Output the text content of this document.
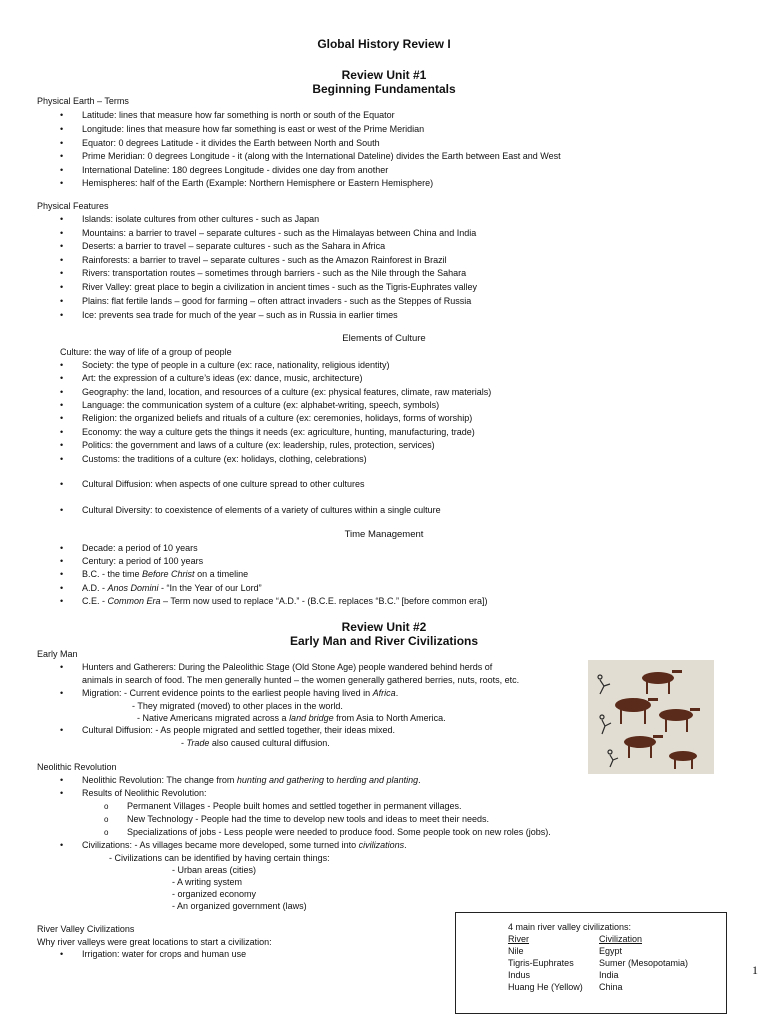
Global History Review I
Review Unit #1
Beginning Fundamentals
Physical Earth – Terms
• Latitude: lines that measure how far something is north or south of the Equator
• Longitude: lines that measure how far something is east or west of the Prime Meridian
• Equator: 0 degrees Latitude - it divides the Earth between North and South
• Prime Meridian: 0 degrees Longitude - it (along with the International Dateline) divides the Earth between East and West
• International Dateline: 180 degrees Longitude - divides one day from another
• Hemispheres: half of the Earth (Example: Northern Hemisphere or Eastern Hemisphere)
Physical Features
• Islands: isolate cultures from other cultures - such as Japan
• Mountains: a barrier to travel – separate cultures - such as the Himalayas between China and India
• Deserts: a barrier to travel – separate cultures - such as the Sahara in Africa
• Rainforests: a barrier to travel – separate cultures - such as the Amazon Rainforest in Brazil
• Rivers: transportation routes – sometimes through barriers - such as the Nile through the Sahara
• River Valley: great place to begin a civilization in ancient times - such as the Tigris-Euphrates valley
• Plains: flat fertile lands – good for farming – often attract invaders - such as the Steppes of Russia
• Ice: prevents sea trade for much of the year – such as in Russia in earlier times
Elements of Culture
Culture: the way of life of a group of people
• Society: the type of people in a culture (ex: race, nationality, religious identity)
• Art: the expression of a culture’s ideas (ex: dance, music, architecture)
• Geography: the land, location, and resources of a culture (ex: physical features, climate, raw materials)
• Language: the communication system of a culture (ex: alphabet-writing, speech, symbols)
• Religion: the organized beliefs and rituals of a culture (ex: ceremonies, holidays, forms of worship)
• Economy: the way a culture gets the things it needs (ex: agriculture, hunting, manufacturing, trade)
• Politics: the government and laws of a culture (ex: leadership, rules, protection, services)
• Customs: the traditions of a culture (ex: holidays, clothing, celebrations)
• Cultural Diffusion: when aspects of one culture spread to other cultures
• Cultural Diversity: to coexistence of elements of a variety of cultures within a single culture
Time Management
• Decade: a period of 10 years
• Century: a period of 100 years
• B.C. - the time Before Christ on a timeline
• A.D. - Anos Domini - “In the Year of our Lord”
• C.E. - Common Era – Term now used to replace “A.D.” - (B.C.E. replaces “B.C.” [before common era])
Review Unit #2
Early Man and River Civilizations
Early Man
• Hunters and Gatherers: During the Paleolithic Stage (Old Stone Age) people wandered behind herds of
animals in search of food. The men generally hunted – the women generally gathered berries, nuts, roots, etc.
• Migration: - Current evidence points to the earliest people having lived in Africa.
- They migrated (moved) to other places in the world.
- Native Americans migrated across a land bridge from Asia to North America.
• Cultural Diffusion: - As people migrated and settled together, their ideas mixed.
- Trade also caused cultural diffusion.
Neolithic Revolution
• Neolithic Revolution: The change from hunting and gathering to herding and planting.
• Results of Neolithic Revolution:
o Permanent Villages - People built homes and settled together in permanent villages.
o New Technology - People had the time to develop new tools and ideas to meet their needs.
o Specializations of jobs - Less people were needed to produce food. Some people took on new roles (jobs).
• Civilizations: - As villages became more developed, some turned into civilizations.
- Civilizations can be identified by having certain things:
- Urban areas (cities)
- A writing system
- organized economy
- An organized government (laws)
River Valley Civilizations
Why river valleys were great locations to start a civilization:
• Irrigation: water for crops and human use
4 main river valley civilizations:
River	Civilization
Nile	Egypt
Tigris-Euphrates	Sumer (Mesopotamia)
Indus	India
Huang He (Yellow) China
1
